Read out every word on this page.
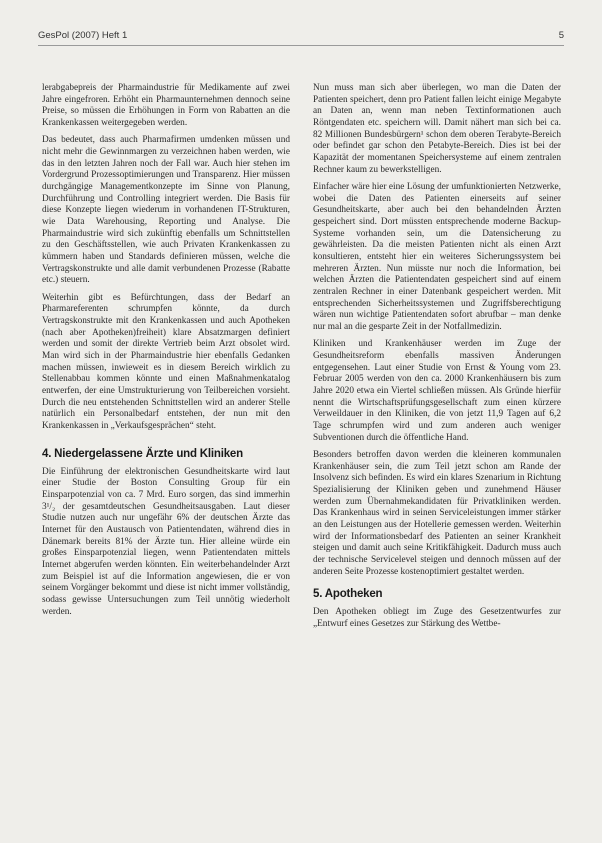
GesPol (2007) Heft 1	5

lerabgabepreis der Pharmaindustrie für Medikamente auf zwei Jahre eingefroren. Erhöht ein Pharmaunternehmen dennoch seine Preise, so müssen die Erhöhungen in Form von Rabatten an die Krankenkassen weitergegeben werden.

Das bedeutet, dass auch Pharmafirmen umdenken müssen und nicht mehr die Gewinnmargen zu verzeichnen haben werden, wie das in den letzten Jahren noch der Fall war. Auch hier stehen im Vordergrund Prozessoptimierungen und Transparenz. Hier müssen durchgängige Managementkonzepte im Sinne von Planung, Durchführung und Controlling integriert werden. Die Basis für diese Konzepte liegen wiederum in vorhandenen IT-Strukturen, wie Data Warehousing, Reporting und Analyse. Die Pharmaindustrie wird sich zukünftig ebenfalls um Schnittstellen zu den Geschäftsstellen, wie auch Privaten Krankenkassen zu kümmern haben und Standards definieren müssen, welche die Vertragskonstrukte und alle damit verbundenen Prozesse (Rabatte etc.) steuern.

Weiterhin gibt es Befürchtungen, dass der Bedarf an Pharmareferenten schrumpfen könnte, da durch Vertragskonstrukte mit den Krankenkassen und auch Apotheken (nach aber Apotheken)freiheit) klare Absatzmargen definiert werden und somit der direkte Vertrieb beim Arzt obsolet wird. Man wird sich in der Pharmaindustrie hier ebenfalls Gedanken machen müssen, inwieweit es in diesem Bereich wirklich zu Stellenabbau kommen könnte und einen Maßnahmenkatalog entwerfen, der eine Umstrukturierung von Teilbereichen vorsieht. Durch die neu entstehenden Schnittstellen wird an anderer Stelle natürlich ein Personalbedarf entstehen, der nun mit den Krankenkassen in „Verkaufsgesprächen“ steht.

4. Niedergelassene Ärzte und Kliniken

Die Einführung der elektronischen Gesundheitskarte wird laut einer Studie der Boston Consulting Group für ein Einsparpotenzial von ca. 7 Mrd. Euro sorgen, das sind immerhin 3¹/₂ der gesamtdeutschen Gesundheitsausgaben. Laut dieser Studie nutzen auch nur ungefähr 6% der deutschen Ärzte das Internet für den Austausch von Patientendaten, während dies in Dänemark bereits 81% der Ärzte tun. Hier alleine würde ein großes Einsparpotenzial liegen, wenn Patientendaten mittels Internet abgerufen werden könnten. Ein weiterbehandelnder Arzt zum Beispiel ist auf die Information angewiesen, die er von seinem Vorgänger bekommt und diese ist nicht immer vollständig, sodass gewisse Untersuchungen zum Teil unnötig wiederholt werden.

Nun muss man sich aber überlegen, wo man die Daten der Patienten speichert, denn pro Patient fallen leicht einige Megabyte an Daten an, wenn man neben Textinformationen auch Röntgendaten etc. speichern will. Damit nähert man sich bei ca. 82 Millionen Bundesbürgern¹ schon dem oberen Terabyte-Bereich oder befindet gar schon den Petabyte-Bereich. Dies ist bei der Kapazität der momentanen Speichersysteme auf einem zentralen Rechner kaum zu bewerkstelligen.

Einfacher wäre hier eine Lösung der umfunktionierten Netzwerke, wobei die Daten des Patienten einerseits auf seiner Gesundheitskarte, aber auch bei den behandelnden Ärzten gespeichert sind. Dort müssten entsprechende moderne Backup-Systeme vorhanden sein, um die Datensicherung zu gewährleisten. Da die meisten Patienten nicht als einen Arzt konsultieren, entsteht hier ein weiteres Sicherungssystem bei mehreren Ärzten. Nun müsste nur noch die Information, bei welchen Ärzten die Patientendaten gespeichert sind auf einem zentralen Rechner in einer Datenbank gespeichert werden. Mit entsprechenden Sicherheitssystemen und Zugriffsberechtigung wären nun wichtige Patientendaten sofort abrufbar – man denke nur mal an die gesparte Zeit in der Notfallmedizin.

Kliniken und Krankenhäuser werden im Zuge der Gesundheitsreform ebenfalls massiven Änderungen entgegensehen. Laut einer Studie von Ernst & Young vom 23. Februar 2005 werden von den ca. 2000 Krankenhäusern bis zum Jahre 2020 etwa ein Viertel schließen müssen. Als Gründe hierfür nennt die Wirtschaftsprüfungsgesellschaft zum einen kürzere Verweildauer in den Kliniken, die von jetzt 11,9 Tagen auf 6,2 Tage schrumpfen wird und zum anderen auch weniger Subventionen durch die öffentliche Hand.

Besonders betroffen davon werden die kleineren kommunalen Krankenhäuser sein, die zum Teil jetzt schon am Rande der Insolvenz sich befinden. Es wird ein klares Szenarium in Richtung Spezialisierung der Kliniken geben und zunehmend Häuser werden zum Übernahmekandidaten für Privatkliniken werden. Das Krankenhaus wird in seinen Serviceleistungen immer stärker an den Leistungen aus der Hotellerie gemessen werden. Weiterhin wird der Informationsbedarf des Patienten an seiner Krankheit steigen und damit auch seine Kritikfähigkeit. Dadurch muss auch der technische Servicelevel steigen und dennoch müssen auf der anderen Seite Prozesse kostenoptimiert gestaltet werden.

5. Apotheken

Den Apotheken obliegt im Zuge des Gesetzentwurfes zur „Entwurf eines Gesetzes zur Stärkung des Wettbe-
